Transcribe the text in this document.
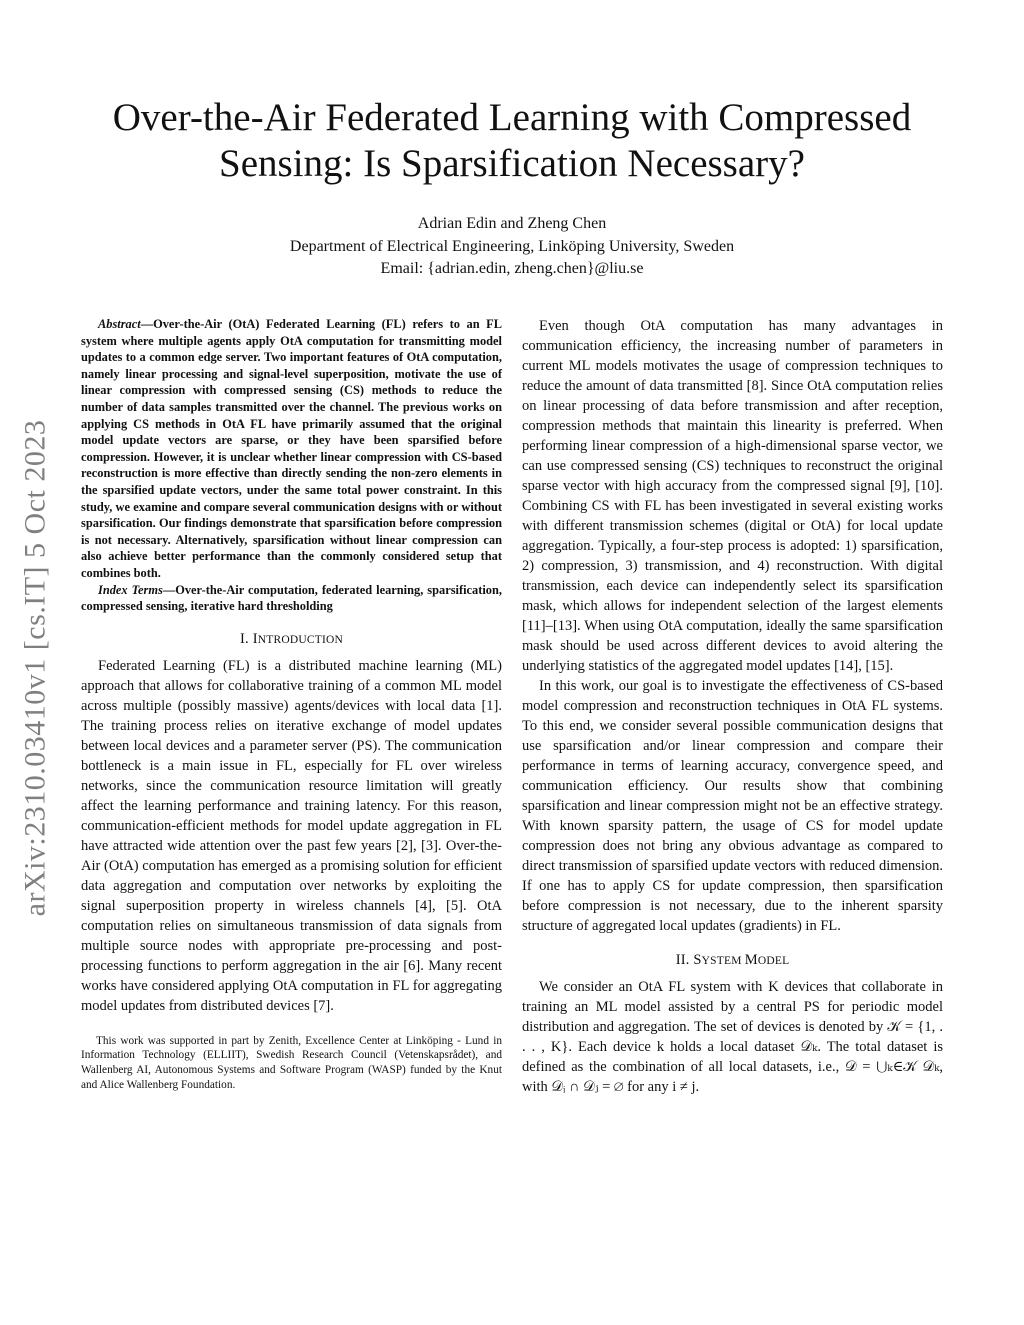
arXiv:2310.03410v1 [cs.IT] 5 Oct 2023
Over-the-Air Federated Learning with Compressed
Sensing: Is Sparsification Necessary?
Adrian Edin and Zheng Chen
Department of Electrical Engineering, Linköping University, Sweden
Email: {adrian.edin, zheng.chen}@liu.se

Abstract—Over-the-Air (OtA) Federated Learning (FL) refers to an FL system where multiple agents apply OtA computation for transmitting model updates to a common edge server. Two important features of OtA computation, namely linear processing and signal-level superposition, motivate the use of linear compression with compressed sensing (CS) methods to reduce the number of data samples transmitted over the channel. The previous works on applying CS methods in OtA FL have primarily assumed that the original model update vectors are sparse, or they have been sparsified before compression. However, it is unclear whether linear compression with CS-based reconstruction is more effective than directly sending the non-zero elements in the sparsified update vectors, under the same total power constraint. In this study, we examine and compare several communication designs with or without sparsification. Our findings demonstrate that sparsification before compression is not necessary. Alternatively, sparsification without linear compression can also achieve better performance than the commonly considered setup that combines both.

Index Terms—Over-the-Air computation, federated learning, sparsification, compressed sensing, iterative hard thresholding

I. INTRODUCTION

Federated Learning (FL) is a distributed machine learning (ML) approach that allows for collaborative training of a common ML model across multiple (possibly massive) agents/devices with local data [1]. The training process relies on iterative exchange of model updates between local devices and a parameter server (PS). The communication bottleneck is a main issue in FL, especially for FL over wireless networks, since the communication resource limitation will greatly affect the learning performance and training latency. For this reason, communication-efficient methods for model update aggregation in FL have attracted wide attention over the past few years [2], [3]. Over-the-Air (OtA) computation has emerged as a promising solution for efficient data aggregation and computation over networks by exploiting the signal superposition property in wireless channels [4], [5]. OtA computation relies on simultaneous transmission of data signals from multiple source nodes with appropriate pre-processing and post-processing functions to perform aggregation in the air [6]. Many recent works have considered applying OtA computation in FL for aggregating model updates from distributed devices [7].

This work was supported in part by Zenith, Excellence Center at Linköping - Lund in Information Technology (ELLIIT), Swedish Research Council (Vetenskapsrådet), and Wallenberg AI, Autonomous Systems and Software Program (WASP) funded by the Knut and Alice Wallenberg Foundation.

Even though OtA computation has many advantages in communication efficiency, the increasing number of parameters in current ML models motivates the usage of compression techniques to reduce the amount of data transmitted [8]. Since OtA computation relies on linear processing of data before transmission and after reception, compression methods that maintain this linearity is preferred. When performing linear compression of a high-dimensional sparse vector, we can use compressed sensing (CS) techniques to reconstruct the original sparse vector with high accuracy from the compressed signal [9], [10]. Combining CS with FL has been investigated in several existing works with different transmission schemes (digital or OtA) for local update aggregation. Typically, a four-step process is adopted: 1) sparsification, 2) compression, 3) transmission, and 4) reconstruction. With digital transmission, each device can independently select its sparsification mask, which allows for independent selection of the largest elements [11]–[13]. When using OtA computation, ideally the same sparsification mask should be used across different devices to avoid altering the underlying statistics of the aggregated model updates [14], [15].

In this work, our goal is to investigate the effectiveness of CS-based model compression and reconstruction techniques in OtA FL systems. To this end, we consider several possible communication designs that use sparsification and/or linear compression and compare their performance in terms of learning accuracy, convergence speed, and communication efficiency. Our results show that combining sparsification and linear compression might not be an effective strategy. With known sparsity pattern, the usage of CS for model update compression does not bring any obvious advantage as compared to direct transmission of sparsified update vectors with reduced dimension. If one has to apply CS for update compression, then sparsification before compression is not necessary, due to the inherent sparsity structure of aggregated local updates (gradients) in FL.

II. SYSTEM MODEL

We consider an OtA FL system with K devices that collaborate in training an ML model assisted by a central PS for periodic model distribution and aggregation. The set of devices is denoted by 𝒦 = {1, . . . , K}. Each device k holds a local dataset 𝒟ₖ. The total dataset is defined as the combination of all local datasets, i.e., 𝒟 = ⋃ₖ∈𝒦 𝒟ₖ, with 𝒟ᵢ ∩ 𝒟ⱼ = ∅ for any i ≠ j.
